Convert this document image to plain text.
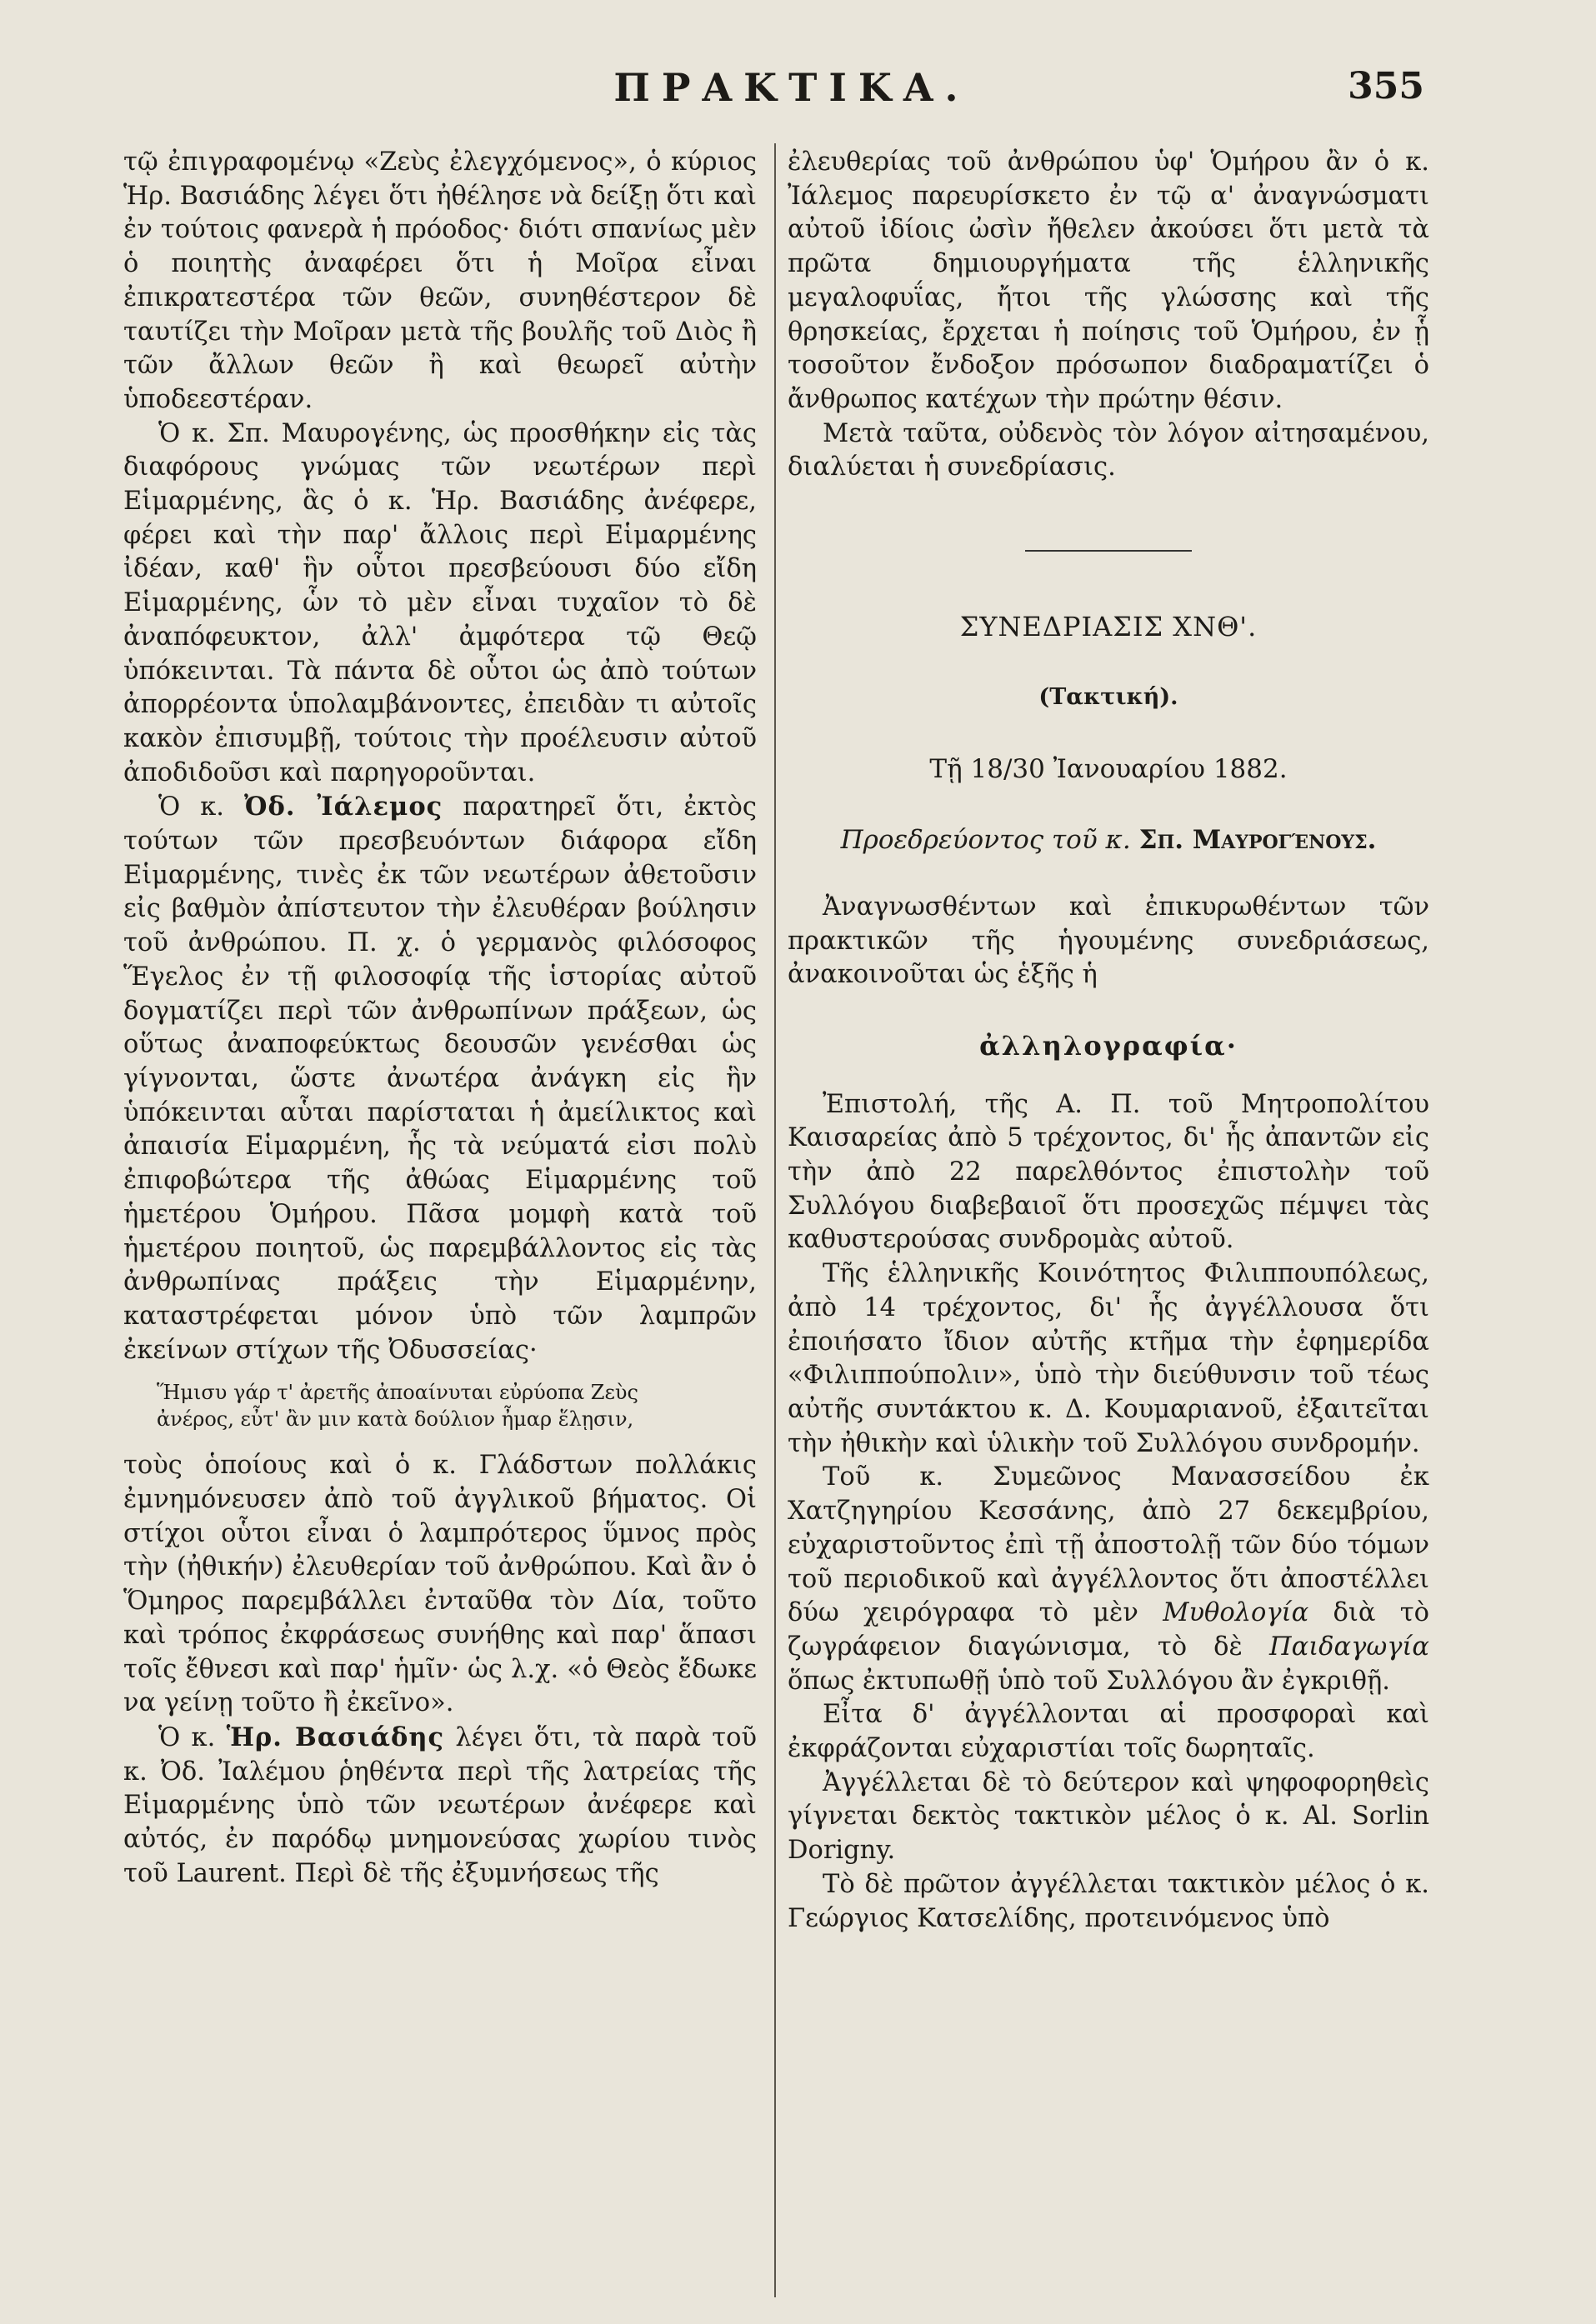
ΠΡΑΚΤΙΚΑ.	355

τῷ ἐπιγραφομένῳ «Ζεὺς ἐλεγχόμενος», ὁ κύριος Ἡρ. Βασιάδης λέγει ὅτι ἠθέλησε νὰ δείξῃ ὅτι καὶ ἐν τούτοις φανερὰ ἡ πρόοδος· διότι σπανίως μὲν ὁ ποιητὴς ἀναφέρει ὅτι ἡ Μοῖρα εἶναι ἐπικρατεστέρα τῶν θεῶν, συνηθέστερον δὲ ταυτίζει τὴν Μοῖραν μετὰ τῆς βουλῆς τοῦ Διὸς ἢ τῶν ἄλλων θεῶν ἢ καὶ θεωρεῖ αὐτὴν ὑποδεεστέραν.

Ὁ κ. Σπ. Μαυρογένης, ὡς προσθήκην εἰς τὰς διαφόρους γνώμας τῶν νεωτέρων περὶ Εἱμαρμένης, ἃς ὁ κ. Ἡρ. Βασιάδης ἀνέφερε, φέρει καὶ τὴν παρ' ἄλλοις περὶ Εἱμαρμένης ἰδέαν, καθ' ἣν οὗτοι πρεσβεύουσι δύο εἴδη Εἱμαρμένης, ὧν τὸ μὲν εἶναι τυχαῖον τὸ δὲ ἀναπόφευκτον, ἀλλ' ἀμφότερα τῷ Θεῷ ὑπόκεινται. Τὰ πάντα δὲ οὗτοι ὡς ἀπὸ τούτων ἀπορρέοντα ὑπολαμβάνοντες, ἐπειδὰν τι αὐτοῖς κακὸν ἐπισυμβῇ, τούτοις τὴν προέλευσιν αὐτοῦ ἀποδιδοῦσι καὶ παρηγοροῦνται.

Ὁ κ. Ὀδ. Ἰάλεμος παρατηρεῖ ὅτι, ἐκτὸς τούτων τῶν πρεσβευόντων διάφορα εἴδη Εἱμαρμένης, τινὲς ἐκ τῶν νεωτέρων ἀθετοῦσιν εἰς βαθμὸν ἀπίστευτον τὴν ἐλευθέραν βούλησιν τοῦ ἀνθρώπου. Π. χ. ὁ γερμανὸς φιλόσοφος Ἕγελος ἐν τῇ φιλοσοφίᾳ τῆς ἱστορίας αὐτοῦ δογματίζει περὶ τῶν ἀνθρωπίνων πράξεων, ὡς οὕτως ἀναποφεύκτως δεουσῶν γενέσθαι ὡς γίγνονται, ὥστε ἀνωτέρα ἀνάγκη εἰς ἣν ὑπόκεινται αὗται παρίσταται ἡ ἀμείλικτος καὶ ἀπαισία Εἱμαρμένη, ἧς τὰ νεύματά εἰσι πολὺ ἐπιφοβώτερα τῆς ἀθώας Εἱμαρμένης τοῦ ἡμετέρου Ὁμήρου. Πᾶσα μομφὴ κατὰ τοῦ ἡμετέρου ποιητοῦ, ὡς παρεμβάλλοντος εἰς τὰς ἀνθρωπίνας πράξεις τὴν Εἱμαρμένην, καταστρέφεται μόνον ὑπὸ τῶν λαμπρῶν ἐκείνων στίχων τῆς Ὀδυσσείας·

Ἥμισυ γάρ τ' ἀρετῆς ἀποαίνυται εὐρύοπα Ζεὺς
ἀνέρος, εὖτ' ἂν μιν κατὰ δούλιον ἦμαρ ἕλῃσιν,

τοὺς ὁποίους καὶ ὁ κ. Γλάδστων πολλάκις ἐμνημόνευσεν ἀπὸ τοῦ ἀγγλικοῦ βήματος. Οἱ στίχοι οὗτοι εἶναι ὁ λαμπρότερος ὕμνος πρὸς τὴν (ἠθικήν) ἐλευθερίαν τοῦ ἀνθρώπου. Καὶ ἂν ὁ Ὅμηρος παρεμβάλλει ἐνταῦθα τὸν Δία, τοῦτο καὶ τρόπος ἐκφράσεως συνήθης καὶ παρ' ἅπασι τοῖς ἔθνεσι καὶ παρ' ἡμῖν· ὡς λ.χ. «ὁ Θεὸς ἔδωκε να γείνῃ τοῦτο ἢ ἐκεῖνο».

Ὁ κ. Ἡρ. Βασιάδης λέγει ὅτι, τὰ παρὰ τοῦ κ. Ὀδ. Ἰαλέμου ῥηθέντα περὶ τῆς λατρείας τῆς Εἱμαρμένης ὑπὸ τῶν νεωτέρων ἀνέφερε καὶ αὐτός, ἐν παρόδῳ μνημονεύσας χωρίου τινὸς τοῦ Laurent. Περὶ δὲ τῆς ἐξυμνήσεως τῆς

ἐλευθερίας τοῦ ἀνθρώπου ὑφ' Ὁμήρου ἂν ὁ κ. Ἰάλεμος παρευρίσκετο ἐν τῷ α' ἀναγνώσματι αὐτοῦ ἰδίοις ὠσὶν ἤθελεν ἀκούσει ὅτι μετὰ τὰ πρῶτα δημιουργήματα τῆς ἑλληνικῆς μεγαλοφυΐας, ἤτοι τῆς γλώσσης καὶ τῆς θρησκείας, ἔρχεται ἡ ποίησις τοῦ Ὁμήρου, ἐν ᾗ τοσοῦτον ἔνδοξον πρόσωπον διαδραματίζει ὁ ἄνθρωπος κατέχων τὴν πρώτην θέσιν.

Μετὰ ταῦτα, οὐδενὸς τὸν λόγον αἰτησαμένου, διαλύεται ἡ συνεδρίασις.

ΣΥΝΕΔΡΙΑΣΙΣ ΧΝΘ'.
(Τακτική).
Τῇ 18/30 Ἰανουαρίου 1882.
Προεδρεύοντος τοῦ κ. Σπ. Μαυρογένους.

Ἀναγνωσθέντων καὶ ἐπικυρωθέντων τῶν πρακτικῶν τῆς ἡγουμένης συνεδριάσεως, ἀνακοινοῦται ὡς ἑξῆς ἡ

ἀλληλογραφία·

Ἐπιστολή, τῆς Α. Π. τοῦ Μητροπολίτου Καισαρείας ἀπὸ 5 τρέχοντος, δι' ἧς ἀπαντῶν εἰς τὴν ἀπὸ 22 παρελθόντος ἐπιστολὴν τοῦ Συλλόγου διαβεβαιοῖ ὅτι προσεχῶς πέμψει τὰς καθυστερούσας συνδρομὰς αὐτοῦ.

Τῆς ἑλληνικῆς Κοινότητος Φιλιππουπόλεως, ἀπὸ 14 τρέχοντος, δι' ἧς ἀγγέλλουσα ὅτι ἐποιήσατο ἴδιον αὐτῆς κτῆμα τὴν ἐφημερίδα «Φιλιππούπολιν», ὑπὸ τὴν διεύθυνσιν τοῦ τέως αὐτῆς συντάκτου κ. Δ. Κουμαριανοῦ, ἐξαιτεῖται τὴν ἠθικὴν καὶ ὑλικὴν τοῦ Συλλόγου συνδρομήν.

Τοῦ κ. Συμεῶνος Μανασσείδου ἐκ Χατζηγηρίου Κεσσάνης, ἀπὸ 27 δεκεμβρίου, εὐχαριστοῦντος ἐπὶ τῇ ἀποστολῇ τῶν δύο τόμων τοῦ περιοδικοῦ καὶ ἀγγέλλοντος ὅτι ἀποστέλλει δύω χειρόγραφα τὸ μὲν Μυθολογία διὰ τὸ ζωγράφειον διαγώνισμα, τὸ δὲ Παιδαγωγία ὅπως ἐκτυπωθῇ ὑπὸ τοῦ Συλλόγου ἂν ἐγκριθῇ.

Εἶτα δ' ἀγγέλλονται αἱ προσφοραὶ καὶ ἐκφράζονται εὐχαριστίαι τοῖς δωρηταῖς.

Ἀγγέλλεται δὲ τὸ δεύτερον καὶ ψηφοφορηθεὶς γίγνεται δεκτὸς τακτικὸν μέλος ὁ κ. Al. Sorlin Dorigny.

Τὸ δὲ πρῶτον ἀγγέλλεται τακτικὸν μέλος ὁ κ. Γεώργιος Κατσελίδης, προτεινόμενος ὑπὸ
